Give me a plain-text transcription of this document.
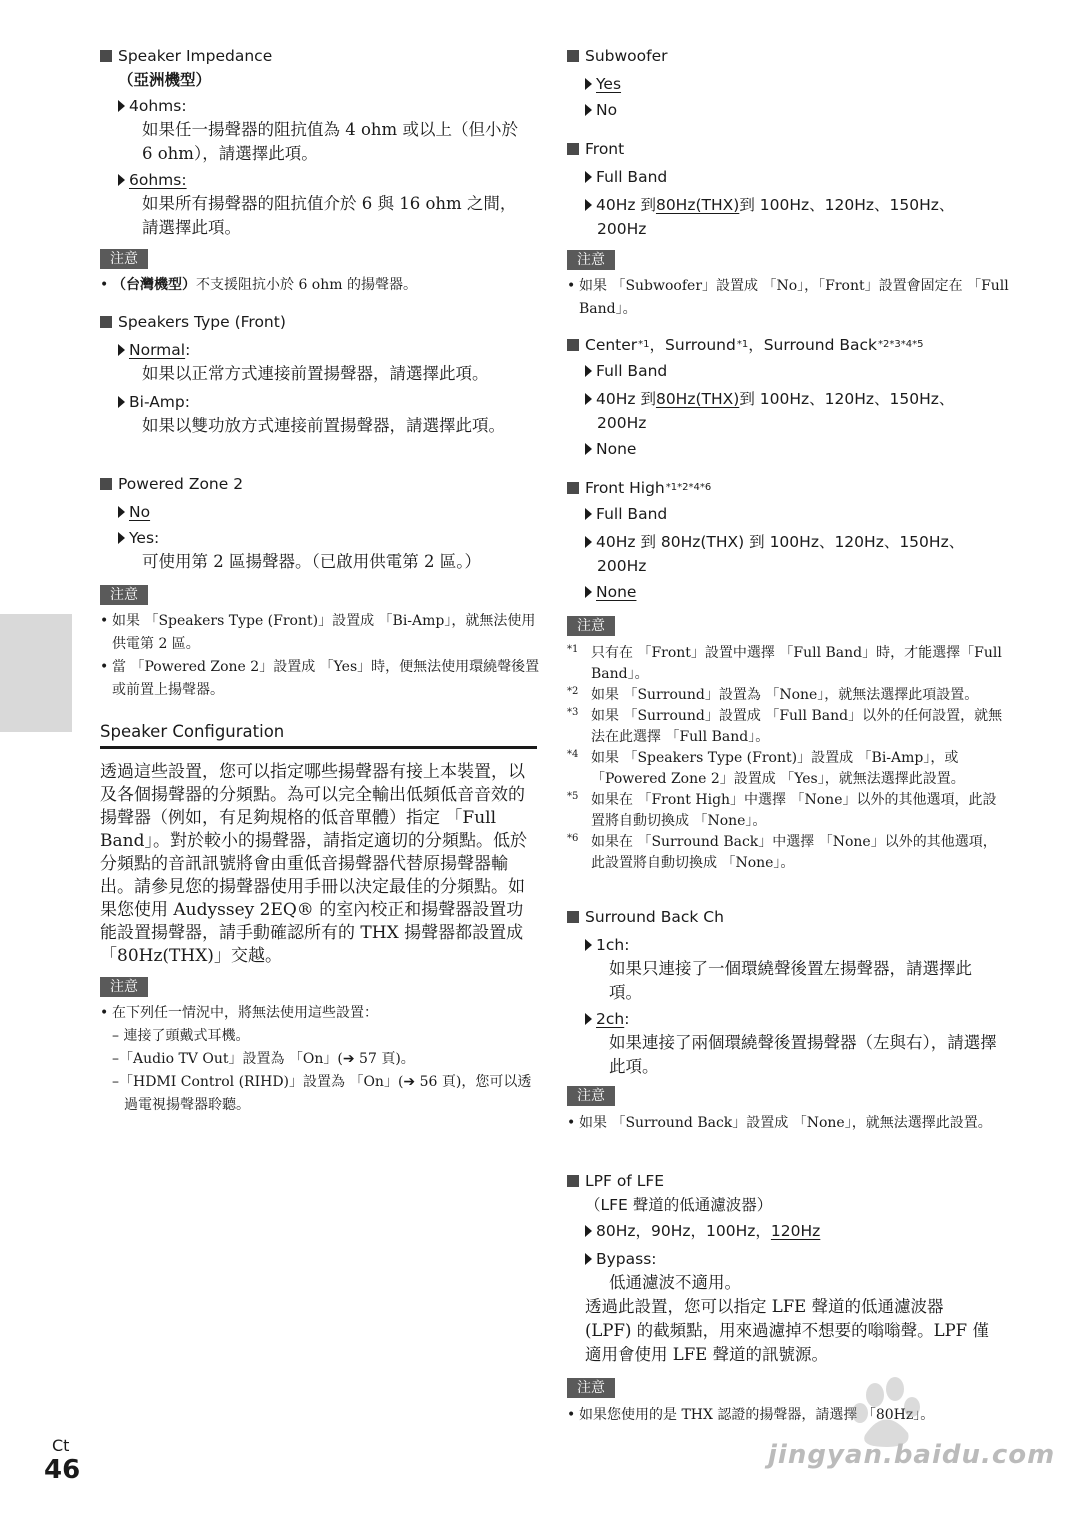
Speaker Impedance
（亞洲機型）
4ohms:
如果任一揚聲器的阻抗值為 4 ohm 或以上（但小於 6 ohm），請選擇此項。
6ohms:
如果所有揚聲器的阻抗值介於 6 與 16 ohm 之間，請選擇此項。
注意
• （台灣機型）不支援阻抗小於 6 ohm 的揚聲器。
Speakers Type (Front)
Normal :
如果以正常方式連接前置揚聲器，請選擇此項。
Bi-Amp:
如果以雙功放方式連接前置揚聲器，請選擇此項。
Powered Zone 2
No
Yes:
可使用第 2 區揚聲器。（已啟用供電第 2 區。）
注意
• 如果 「Speakers Type (Front)」設置成 「Bi-Amp」，就無法使用供電第 2 區。
• 當 「Powered Zone 2」設置成 「Yes」時，便無法使用環繞聲後置或前置上揚聲器。
Speaker Configuration
透過這些設置，您可以指定哪些揚聲器有接上本裝置，以及各個揚聲器的分頻點。為可以完全輸出低頻低音音效的揚聲器（例如，有足夠規格的低音單體）指定 「Full Band」。對於較小的揚聲器，請指定適切的分頻點。低於分頻點的音訊訊號將會由重低音揚聲器代替原揚聲器輸出。請參見您的揚聲器使用手冊以決定最佳的分頻點。如果您使用 Audyssey 2EQ® 的室內校正和揚聲器設置功能設置揚聲器，請手動確認所有的 THX 揚聲器都設置成 「80Hz(THX)」交越。
注意
• 在下列任一情況中，將無法使用這些設置：
– 連接了頭戴式耳機。
–「Audio TV Out」設置為 「On」(➔ 57 頁)。
–「HDMI Control (RIHD)」設置為 「On」(➔ 56 頁)，您可以透過電視揚聲器聆聽。
Subwoofer
Yes
No
Front
Full Band
40Hz 到 80Hz(THX) 到 100Hz、120Hz、150Hz、
200Hz
注意
• 如果 「Subwoofer」設置成 「No」，「Front」設置會固定在 「Full Band」。
Center *1 ，Surround *1 ，Surround Back *2*3*4*5
Full Band
40Hz 到 80Hz(THX) 到 100Hz、120Hz、150Hz、
200Hz
None
Front High *1*2*4*6
Full Band
40Hz 到 80Hz(THX) 到 100Hz、120Hz、150Hz、
200Hz
None
注意
*1 只有在 「Front」設置中選擇 「Full Band」時，才能選擇「Full Band」。
*2 如果 「Surround」設置為 「None」，就無法選擇此項設置。
*3 如果 「Surround」設置成 「Full Band」以外的任何設置，就無法在此選擇 「Full Band」。
*4 如果 「Speakers Type (Front)」設置成 「Bi-Amp」，或「Powered Zone 2」設置成 「Yes」，就無法選擇此設置。
*5 如果在 「Front High」中選擇 「None」以外的其他選項，此設置將自動切換成 「None」。
*6 如果在 「Surround Back」中選擇 「None」以外的其他選項，此設置將自動切換成 「None」。
Surround Back Ch
1ch:
如果只連接了一個環繞聲後置左揚聲器，請選擇此項。
2ch :
如果連接了兩個環繞聲後置揚聲器（左與右），請選擇此項。
注意
• 如果 「Surround Back」設置成 「None」，就無法選擇此設置。
LPF of LFE
（LFE 聲道的低通濾波器）
80Hz，90Hz，100Hz， 120Hz
Bypass:
低通濾波不適用。
透過此設置，您可以指定 LFE 聲道的低通濾波器 (LPF) 的截頻點，用來過濾掉不想要的嗡嗡聲。LPF 僅適用會使用 LFE 聲道的訊號源。
注意
• 如果您使用的是 THX 認證的揚聲器，請選擇 「80Hz」。
Ct
46	jingyan.baidu.com
